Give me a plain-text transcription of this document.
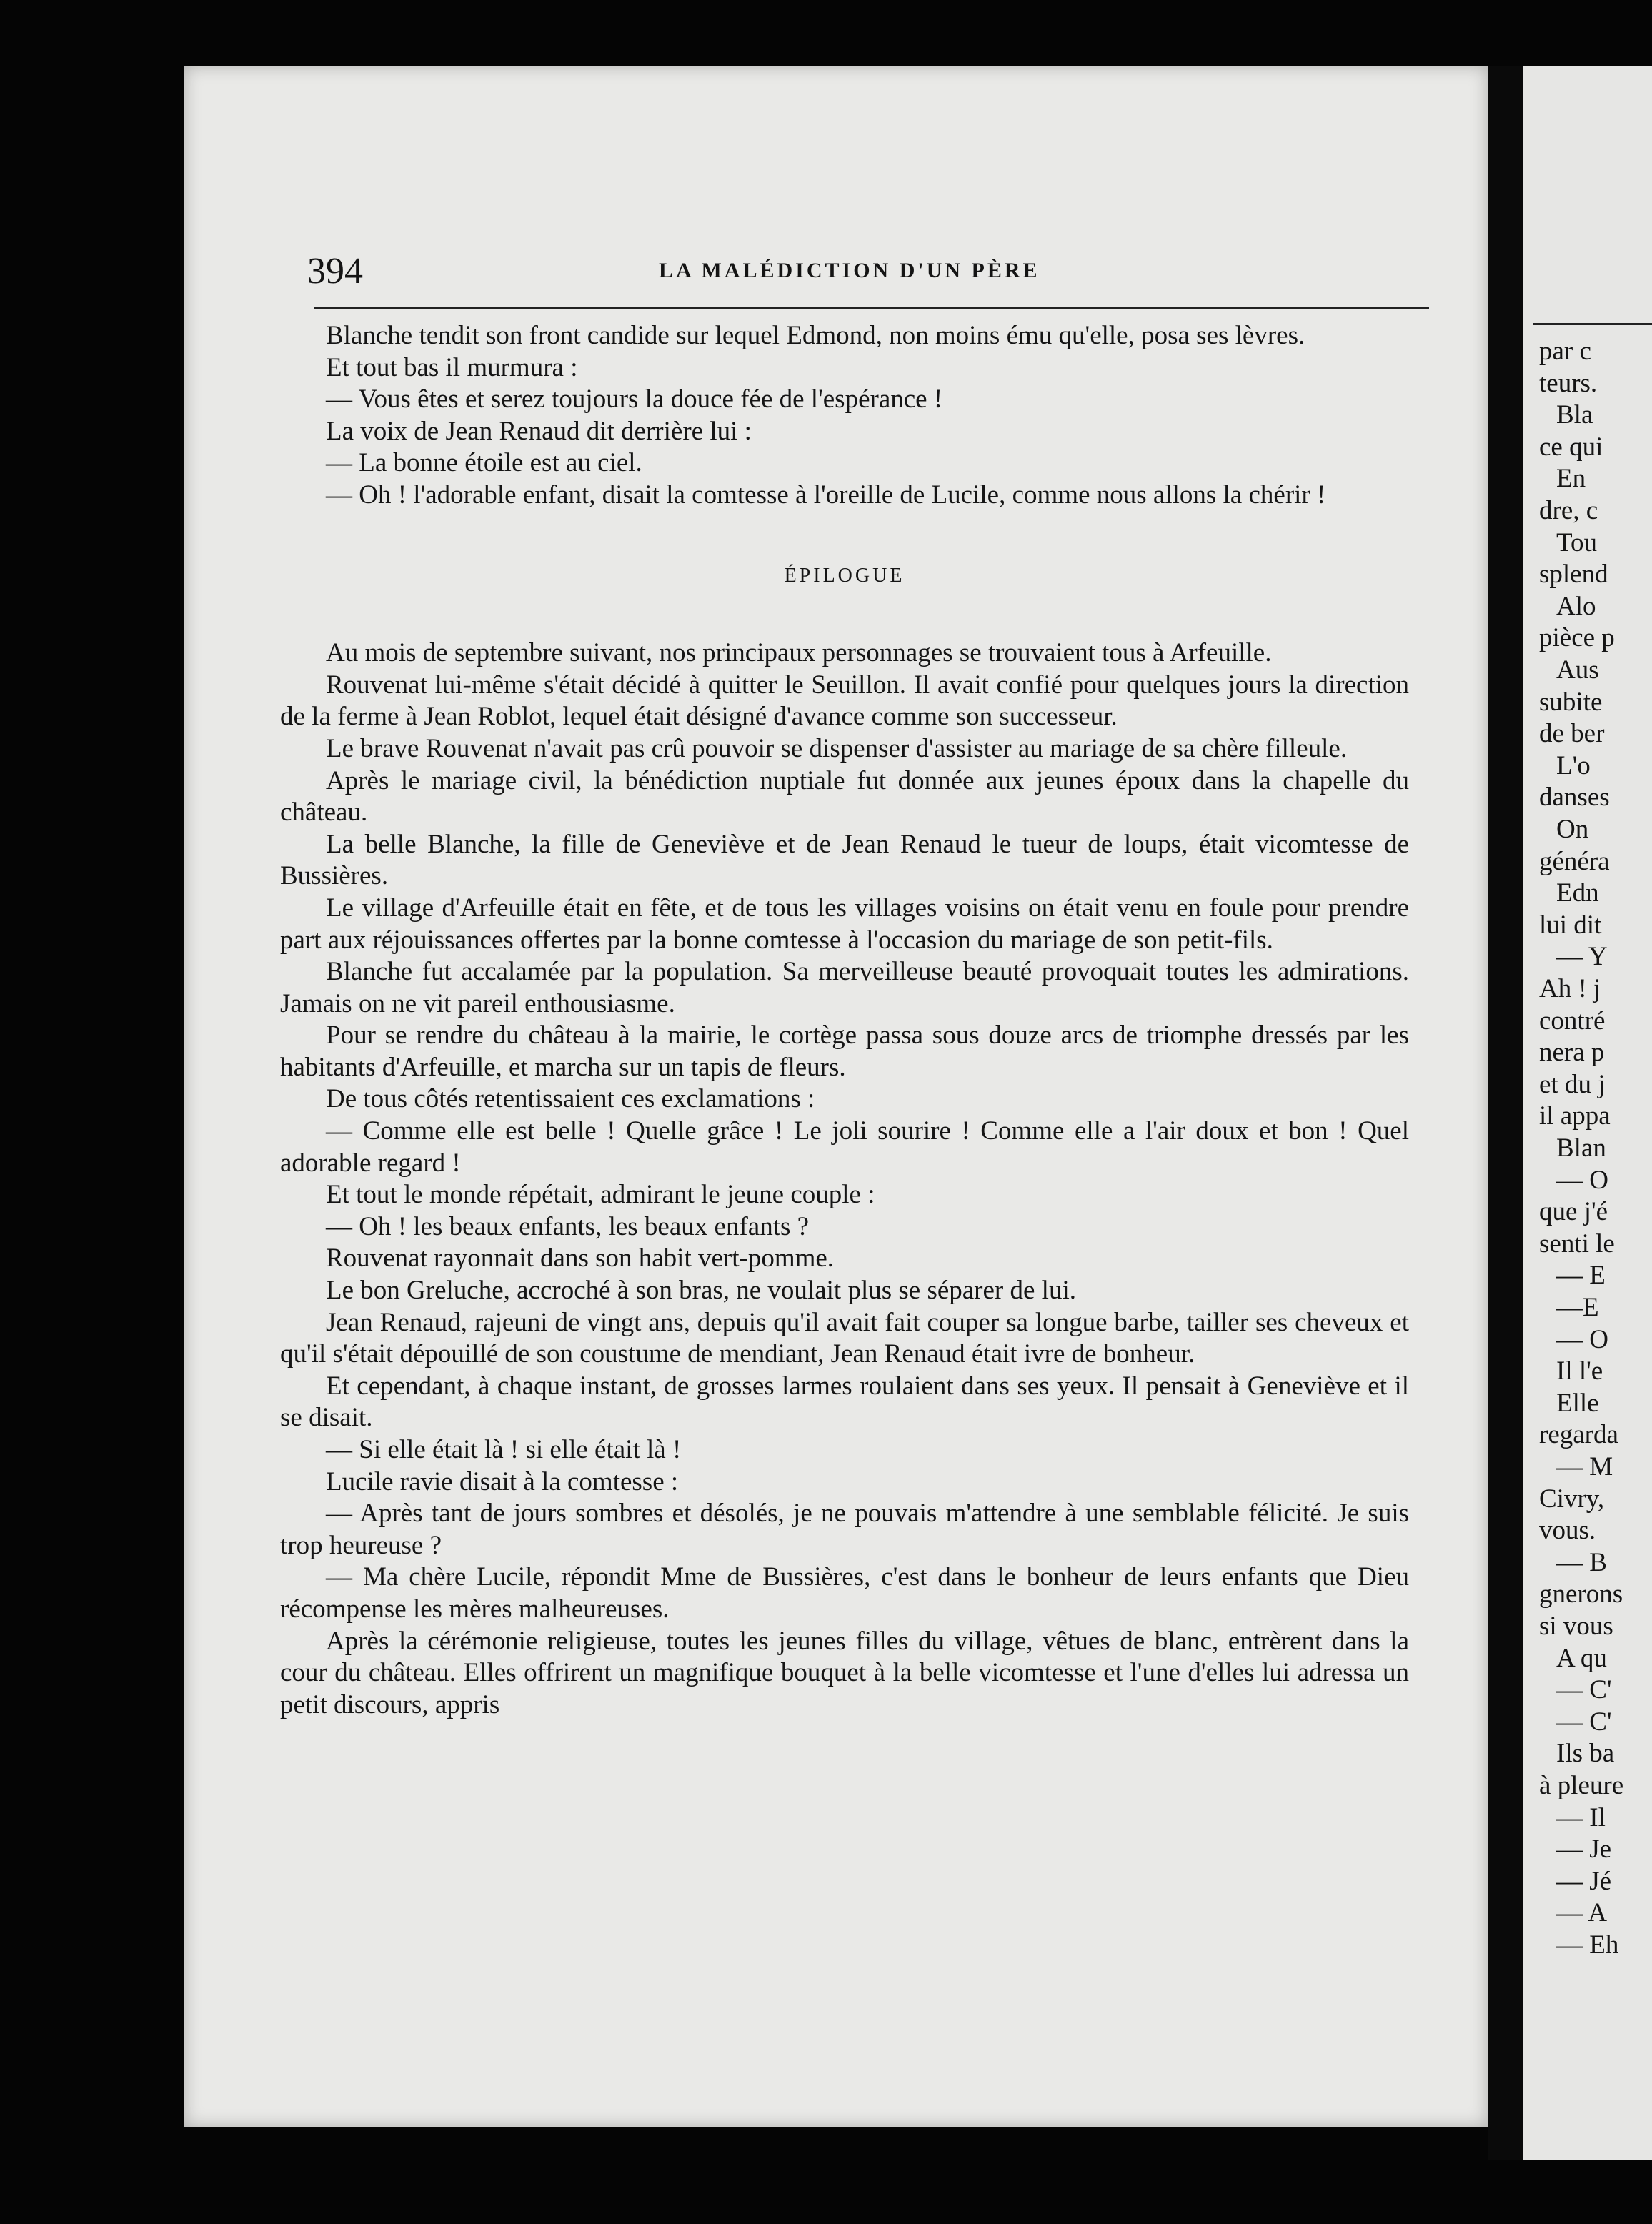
par c
teurs.
Bla
ce qui
En
dre, c
Tou
splend
Alo
pièce p
Aus
subite
de ber
L'o
danses
On
généra
Edn
lui dit
— Y
Ah ! j
contré
nera p
et du j
il appa
Blan
— O
que j'é
senti le
— E
—E
— O
Il l'e
Elle
regarda
— M
Civry,
vous.
— B
gnerons
si vous
A qu
— C'
— C'
Ils ba
à pleure
— Il
— Je
— Jé
— A
— Eh
394	LA MALÉDICTION D'UN PÈRE

Blanche tendit son front candide sur lequel Edmond, non moins ému qu'elle, posa ses lèvres.

Et tout bas il murmura :

— Vous êtes et serez toujours la douce fée de l'espérance !

La voix de Jean Renaud dit derrière lui :

— La bonne étoile est au ciel.

— Oh ! l'adorable enfant, disait la comtesse à l'oreille de Lucile, comme nous allons la chérir !

ÉPILOGUE

Au mois de septembre suivant, nos principaux personnages se trouvaient tous à Arfeuille.

Rouvenat lui-même s'était décidé à quitter le Seuillon. Il avait confié pour quelques jours la direction de la ferme à Jean Roblot, lequel était désigné d'avance comme son successeur.

Le brave Rouvenat n'avait pas crû pouvoir se dispenser d'assister au mariage de sa chère filleule.

Après le mariage civil, la bénédiction nuptiale fut donnée aux jeunes époux dans la chapelle du château.

La belle Blanche, la fille de Geneviève et de Jean Renaud le tueur de loups, était vicomtesse de Bussières.

Le village d'Arfeuille était en fête, et de tous les villages voisins on était venu en foule pour prendre part aux réjouissances offertes par la bonne comtesse à l'occasion du mariage de son petit-fils.

Blanche fut accalamée par la population. Sa merveilleuse beauté provoquait toutes les admirations. Jamais on ne vit pareil enthousiasme.

Pour se rendre du château à la mairie, le cortège passa sous douze arcs de triomphe dressés par les habitants d'Arfeuille, et marcha sur un tapis de fleurs.

De tous côtés retentissaient ces exclamations :

— Comme elle est belle ! Quelle grâce ! Le joli sourire ! Comme elle a l'air doux et bon ! Quel adorable regard !

Et tout le monde répétait, admirant le jeune couple :

— Oh ! les beaux enfants, les beaux enfants ?

Rouvenat rayonnait dans son habit vert-pomme.

Le bon Greluche, accroché à son bras, ne voulait plus se séparer de lui.

Jean Renaud, rajeuni de vingt ans, depuis qu'il avait fait couper sa longue barbe, tailler ses cheveux et qu'il s'était dépouillé de son coustume de mendiant, Jean Renaud était ivre de bonheur.

Et cependant, à chaque instant, de grosses larmes roulaient dans ses yeux. Il pensait à Geneviève et il se disait.

— Si elle était là ! si elle était là !

Lucile ravie disait à la comtesse :

— Après tant de jours sombres et désolés, je ne pouvais m'attendre à une semblable félicité. Je suis trop heureuse ?

— Ma chère Lucile, répondit Mme de Bussières, c'est dans le bonheur de leurs enfants que Dieu récompense les mères malheureuses.

Après la cérémonie religieuse, toutes les jeunes filles du village, vêtues de blanc, entrèrent dans la cour du château. Elles offrirent un magnifique bouquet à la belle vicomtesse et l'une d'elles lui adressa un petit discours, appris
